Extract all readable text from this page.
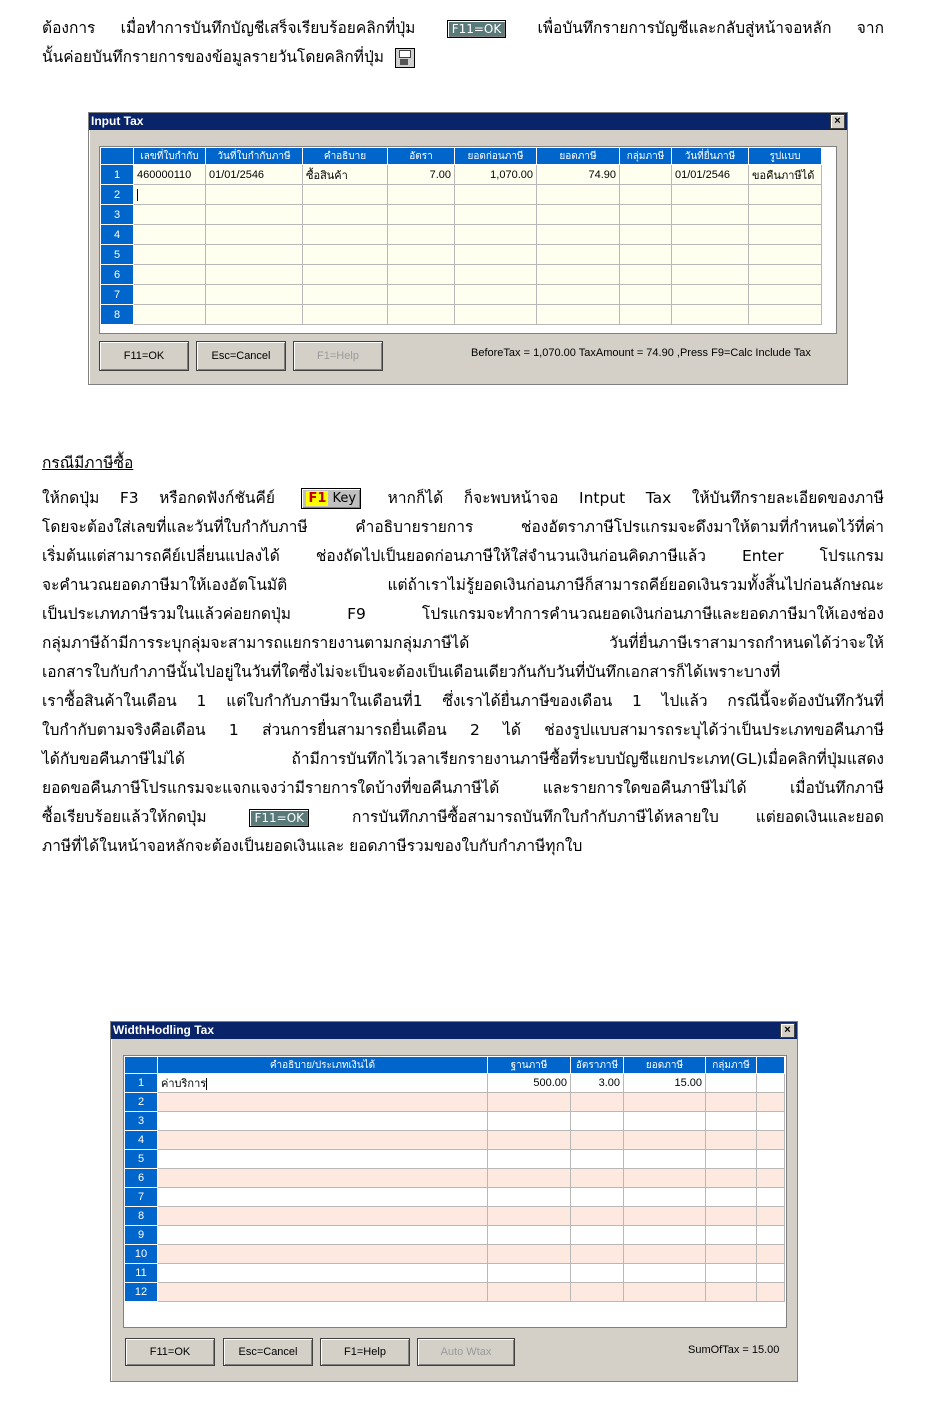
ต้องการ เมื่อทำการบันทึกบัญชีเสร็จเรียบร้อยคลิกที่ปุ่ม	F11=OK เพื่อบันทึกรายการบัญชีและกลับสู่หน้าจอหลัก จาก
นั้นค่อยบันทึกรายการของข้อมูลรายวันโดยคลิกที่ปุ่ม
Input Tax	×
	เลขที่ใบกำกับ	วันที่ใบกำกับภาษี	คำอธิบาย	อัตรา	ยอดก่อนภาษี	ยอดภาษี	กลุ่มภาษี	วันที่ยื่นภาษี	รูปแบบ
1	460000110	01/01/2546	ซื้อสินค้า	7.00	1,070.00	74.90		01/01/2546	ขอคืนภาษีได้
2									
3									
4									
5									
6									
7									
8									
F11=OK	Esc=Cancel	F1=Help	BeforeTax = 1,070.00 TaxAmount = 74.90 ,Press F9=Calc Include Tax
กรณีมีภาษีซื้อ
ให้กดปุ่ม F3 หรือกดฟังก์ชันคีย์	F1 Key หากก็ได้ ก็จะพบหน้าจอ Intput Tax ให้บันทึกรายละเอียดของภาษี
โดยจะต้องใส่เลขที่และวันที่ใบกำกับภาษี คำอธิบายรายการ ช่องอัตราภาษีโปรแกรมจะดึงมาให้ตามที่กำหนดไว้ที่ค่า
เริ่มต้นแต่สามารถคีย์เปลี่ยนแปลงได้ ช่องถัดไปเป็นยอดก่อนภาษีให้ใส่จำนวนเงินก่อนคิดภาษีแล้ว Enter โปรแกรม
จะคำนวณยอดภาษีมาให้เองอัตโนมัติ แต่ถ้าเราไม่รู้ยอดเงินก่อนภาษีก็สามารถคีย์ยอดเงินรวมทั้งสิ้นไปก่อนลักษณะ
เป็นประเภทภาษีรวมในแล้วค่อยกดปุ่ม F9 โปรแกรมจะทำการคำนวณยอดเงินก่อนภาษีและยอดภาษีมาให้เองช่อง
กลุ่มภาษีถ้ามีการระบุกลุ่มจะสามารถแยกรายงานตามกลุ่มภาษีได้ วันที่ยื่นภาษีเราสามารถกำหนดได้ว่าจะให้
เอกสารใบกับกำภาษีนั้นไปอยู่ในวันที่ใดซึ่งไม่จะเป็นจะต้องเป็นเดือนเดียวกันกับวันที่บันทึกเอกสารก็ได้เพราะบางที่
เราซื้อสินค้าในเดือน 1 แต่ใบกำกับภาษีมาในเดือนที่1 ซึ่งเราได้ยื่นภาษีของเดือน 1 ไปแล้ว กรณีนี้จะต้องบันทึกวันที่
ใบกำกับตามจริงคือเดือน 1 ส่วนการยื่นสามารถยื่นเดือน 2 ได้ ช่องรูปแบบสามารถระบุได้ว่าเป็นประเภทขอคืนภาษี
ได้กับขอคืนภาษีไม่ได้ ถ้ามีการบันทึกไว้เวลาเรียกรายงานภาษีซื้อที่ระบบบัญชีแยกประเภท(GL)เมื่อคลิกที่ปุ่มแสดง
ยอดขอคืนภาษีโปรแกรมจะแจกแจงว่ามีรายการใดบ้างที่ขอคืนภาษีได้ และรายการใดขอคืนภาษีไม่ได้ เมื่อบันทึกภาษี
ซื้อเรียบร้อยแล้วให้กดปุ่ม	F11=OK	การบันทึกภาษีซื้อสามารถบันทึกใบกำกับภาษีได้หลายใบ แต่ยอดเงินและยอด
ภาษีที่ได้ในหน้าจอหลักจะต้องเป็นยอดเงินและ ยอดภาษีรวมของใบกับกำภาษีทุกใบ
WidthHodling Tax	×
	คำอธิบาย/ประเภทเงินได้	ฐานภาษี	อัตราภาษี	ยอดภาษี	กลุ่มภาษี	
1	ค่าบริการ	500.00	3.00	15.00		
2						
3						
4						
5						
6						
7						
8						
9						
10						
11						
12						
F11=OK	Esc=Cancel	F1=Help	Auto Wtax	SumOfTax = 15.00
